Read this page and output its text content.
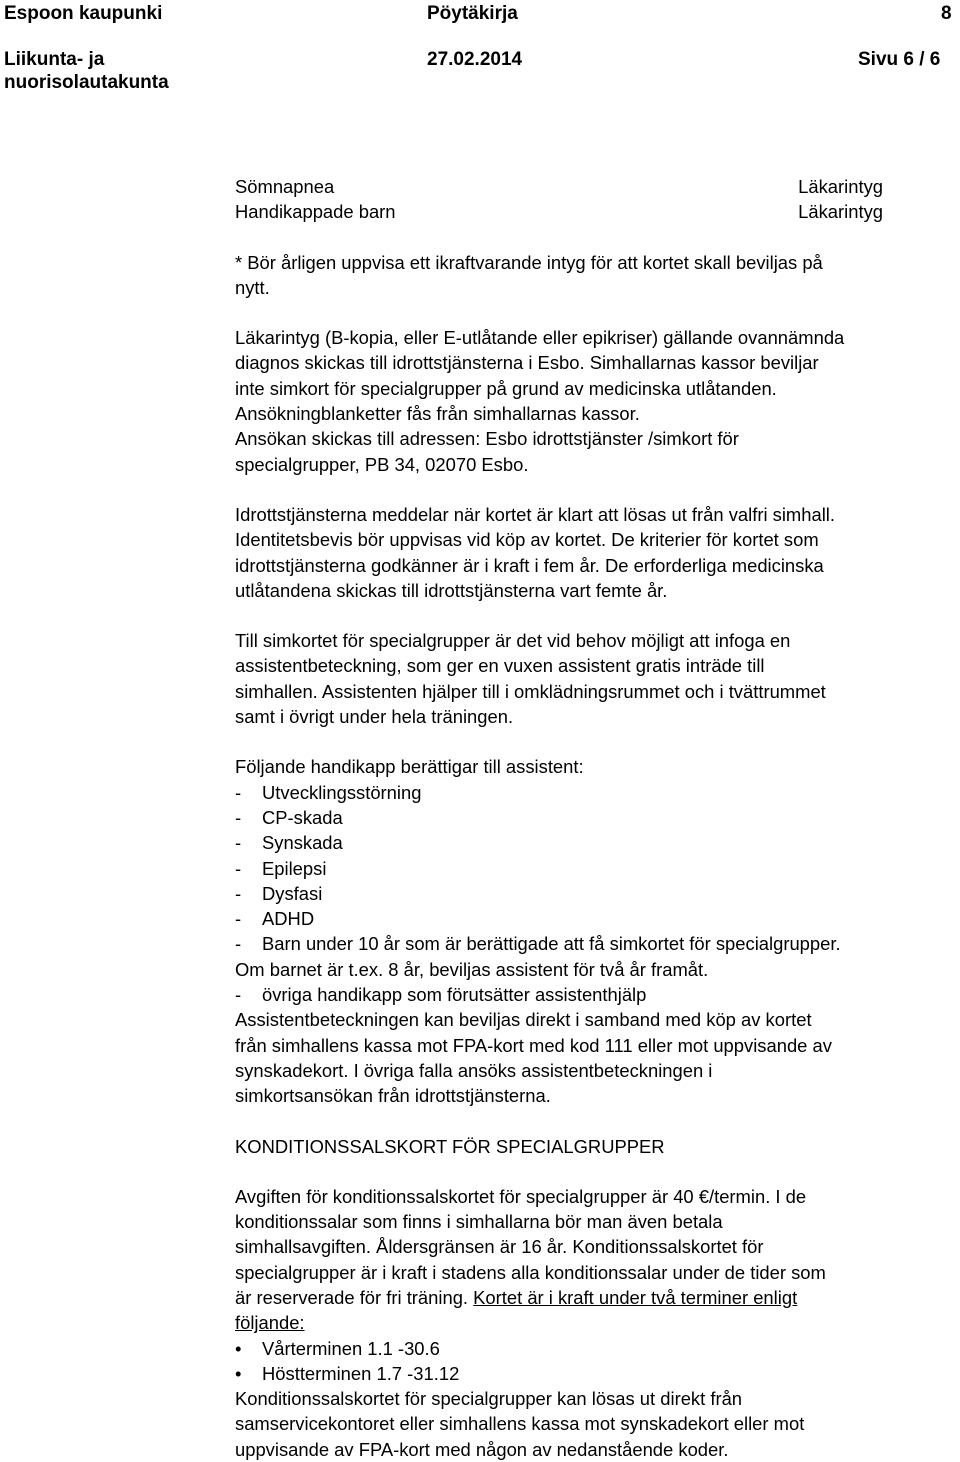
Espoon kaupunki	Pöytäkirja	8
Liikunta- ja
nuorisolautakunta
27.02.2014	Sivu 6 / 6
Sömnapnea	Läkarintyg
Handikappade barn	Läkarintyg
* Bör årligen uppvisa ett ikraftvarande intyg för att kortet skall beviljas på
nytt.
Läkarintyg (B-kopia, eller E-utlåtande eller epikriser) gällande ovannämnda
diagnos skickas till idrottstjänsterna i Esbo. Simhallarnas kassor beviljar
inte simkort för specialgrupper på grund av medicinska utlåtanden.
Ansökningblanketter fås från simhallarnas kassor.
Ansökan skickas till adressen: Esbo idrottstjänster /simkort för
specialgrupper, PB 34, 02070 Esbo.
Idrottstjänsterna meddelar när kortet är klart att lösas ut från valfri simhall.
Identitetsbevis bör uppvisas vid köp av kortet. De kriterier för kortet som
idrottstjänsterna godkänner är i kraft i fem år. De erforderliga medicinska
utlåtandena skickas till idrottstjänsterna vart femte år.
Till simkortet för specialgrupper är det vid behov möjligt att infoga en
assistentbeteckning, som ger en vuxen assistent gratis inträde till
simhallen. Assistenten hjälper till i omklädningsrummet och i tvättrummet
samt i övrigt under hela träningen.
Följande handikapp berättigar till assistent:
-	Utvecklingsstörning
-	CP-skada
-	Synskada
-	Epilepsi
-	Dysfasi
-	ADHD
-	Barn under 10 år som är berättigade att få simkortet för specialgrupper.
Om barnet är t.ex. 8 år, beviljas assistent för två år framåt.
-	övriga handikapp som förutsätter assistenthjälp
Assistentbeteckningen kan beviljas direkt i samband med köp av kortet
från simhallens kassa mot FPA-kort med kod 111 eller mot uppvisande av
synskadekort. I övriga falla ansöks assistentbeteckningen i
simkortsansökan från idrottstjänsterna.
KONDITIONSSALSKORT FÖR SPECIALGRUPPER
Avgiften för konditionssalskortet för specialgrupper är 40 €/termin. I de
konditionssalar som finns i simhallarna bör man även betala
simhallsavgiften. Åldersgränsen är 16 år. Konditionssalskortet för
specialgrupper är i kraft i stadens alla konditionssalar under de tider som
är reserverade för fri träning. Kortet är i kraft under två terminer enligt
följande:
•	Vårterminen 1.1 -30.6
•	Höstterminen 1.7 -31.12
Konditionssalskortet för specialgrupper kan lösas ut direkt från
samservicekontoret eller simhallens kassa mot synskadekort eller mot
uppvisande av FPA-kort med någon av nedanstående koder.
